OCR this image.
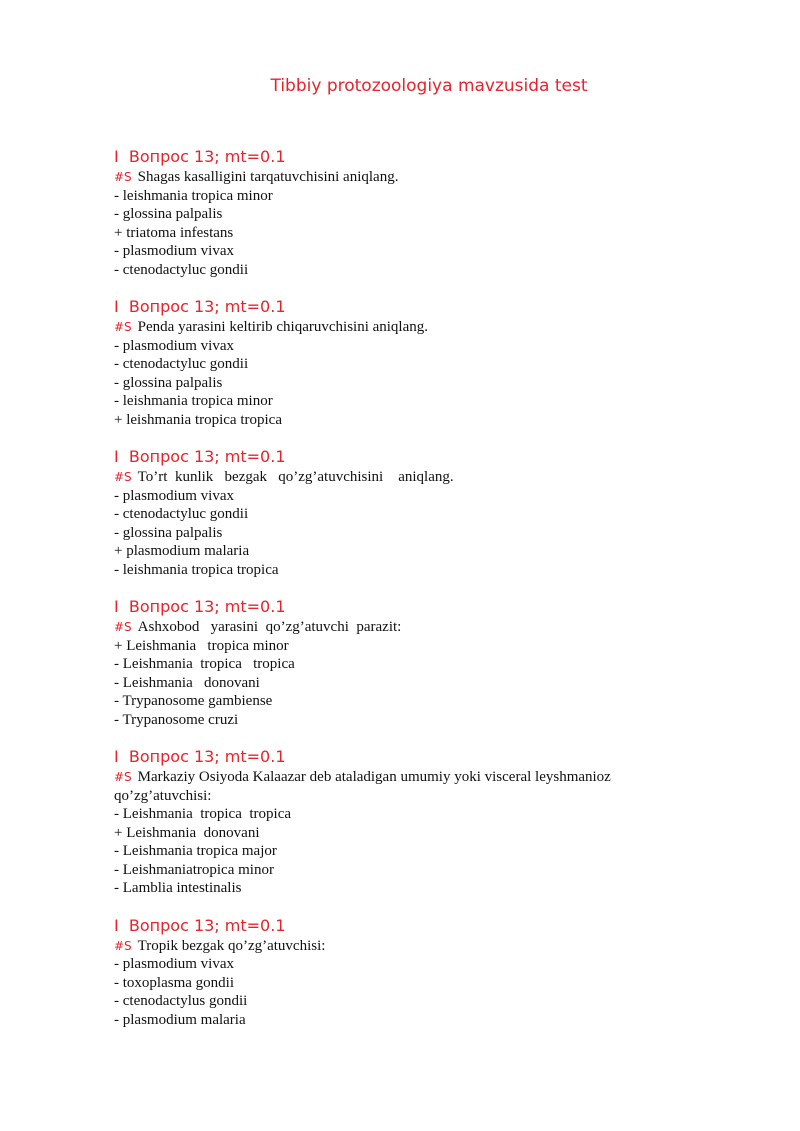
Tibbiy protozoologiya mavzusida test
I  Вопрос 13; mt=0.1
#S Shagas kasalligini tarqatuvchisini aniqlang.
- leishmania tropica minor
- glossina palpalis
+ triatoma infestans
- plasmodium vivax
- ctenodactyluc gondii
I  Вопрос 13; mt=0.1
#S Penda yarasini keltirib chiqaruvchisini aniqlang.
- plasmodium vivax
- ctenodactyluc gondii
- glossina palpalis
- leishmania tropica minor
+ leishmania tropica tropica
I  Вопрос 13; mt=0.1
#S To’rt  kunlik   bezgak   qo’zg’atuvchisini    aniqlang.
- plasmodium vivax
- ctenodactyluc gondii
- glossina palpalis
+ plasmodium malaria
- leishmania tropica tropica
I  Вопрос 13; mt=0.1
#S Ashxobod   yarasini  qo’zg’atuvchi  parazit:
+ Leishmania   tropica minor
- Leishmania  tropica   tropica
- Leishmania   donovani
- Trypanosome gambiense
- Trypanosome cruzi
I  Вопрос 13; mt=0.1
#S Markaziy Osiyoda Kalaazar deb ataladigan umumiy yoki visceral leyshmanioz qo’zg’atuvchisi:
- Leishmania  tropica  tropica
+ Leishmania  donovani
- Leishmania tropica major
- Leishmaniatropica minor
- Lamblia intestinalis
I  Вопрос 13; mt=0.1
#S Tropik bezgak qo’zg’atuvchisi:
- plasmodium vivax
- toxoplasma gondii
- ctenodactylus gondii
- plasmodium malaria
